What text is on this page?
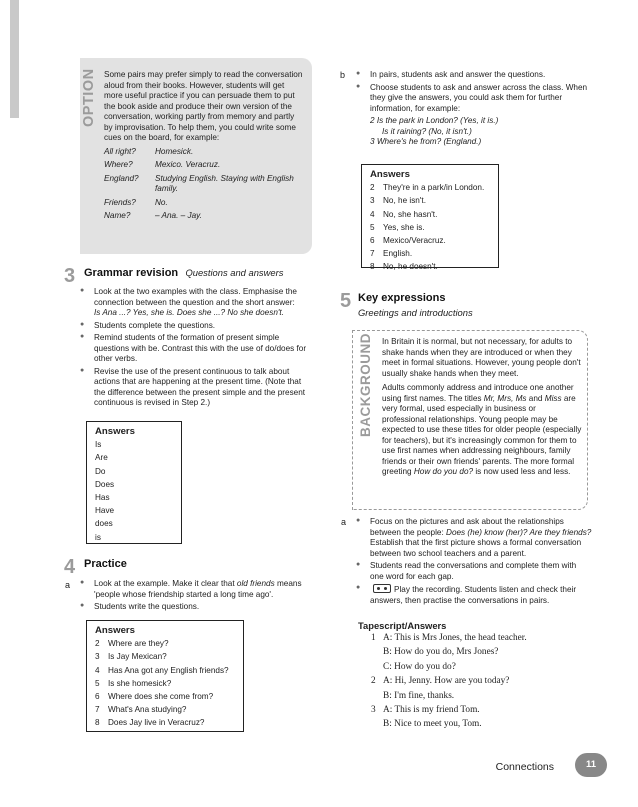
OPTION Some pairs may prefer simply to read the conversation aloud from their books. However, students will get more useful practice if you can persuade them to put the book aside and produce their own version of the conversation, working partly from memory and partly by improvisation. To help them, you could write some cues on the board, for example:

All right?	Homesick.
Where?	Mexico. Veracruz.
England?	Studying English. Staying with English family.
Friends?	No.
Name?	– Ana. – Jay.
3 Grammar revision Questions and answers
● Look at the two examples with the class. Emphasise the connection between the question and the short answer:
Is Ana ...? Yes, she is. Does she ...? No she doesn't.
● Students complete the questions.
● Remind students of the formation of present simple questions with be. Contrast this with the use of do/does for other verbs.
● Revise the use of the present continuous to talk about actions that are happening at the present time. (Note that the difference between the present simple and the present continuous is revised in Step 2.)
Answers
Is
Are
Do
Does
Has
Have
does
is
4 Practice
a	● Look at the example. Make it clear that old friends means 'people whose friendship started a long time ago'.
● Students write the questions.
Answers
2	Where are they?
3	Is Jay Mexican?
4	Has Ana got any English friends?
5	Is she homesick?
6	Where does she come from?
7	What's Ana studying?
8	Does Jay live in Veracruz?
b	● In pairs, students ask and answer the questions.
● Choose students to ask and answer across the class. When they give the answers, you could ask them for further information, for example:
2 Is the park in London? (Yes, it is.)
Is it raining? (No, it isn't.)
3 Where's he from? (England.)
Answers
2	They're in a park/in London.
3	No, he isn't.
4	No, she hasn't.
5	Yes, she is.
6	Mexico/Veracruz.
7	English.
8	No, he doesn't.
5 Key expressions
Greetings and introductions
BACKGROUND In Britain it is normal, but not necessary, for adults to shake hands when they are introduced or when they meet in formal situations. However, young people don't usually shake hands when they meet.

Adults commonly address and introduce one another using first names. The titles Mr, Mrs, Ms and Miss are very formal, used especially in business or professional relationships. Young people may be expected to use these titles for older people (especially for teachers), but it's increasingly common for them to use first names when addressing neighbours, family friends or their own friends' parents. The more formal greeting How do you do? is now used less and less.

a	● Focus on the pictures and ask about the relationships between the people: Does (he) know (her)? Are they friends? Establish that the first picture shows a formal conversation between two school teachers and a parent.
● Students read the conversations and complete them with one word for each gap.
● Play the recording. Students listen and check their answers, then practise the conversations in pairs.
Tapescript/Answers
1 A: This is Mrs Jones, the head teacher.
B: How do you do, Mrs Jones?
C: How do you do?
2 A: Hi, Jenny. How are you today?
B: I'm fine, thanks.
3 A: This is my friend Tom.
B: Nice to meet you, Tom.
Connections	11
